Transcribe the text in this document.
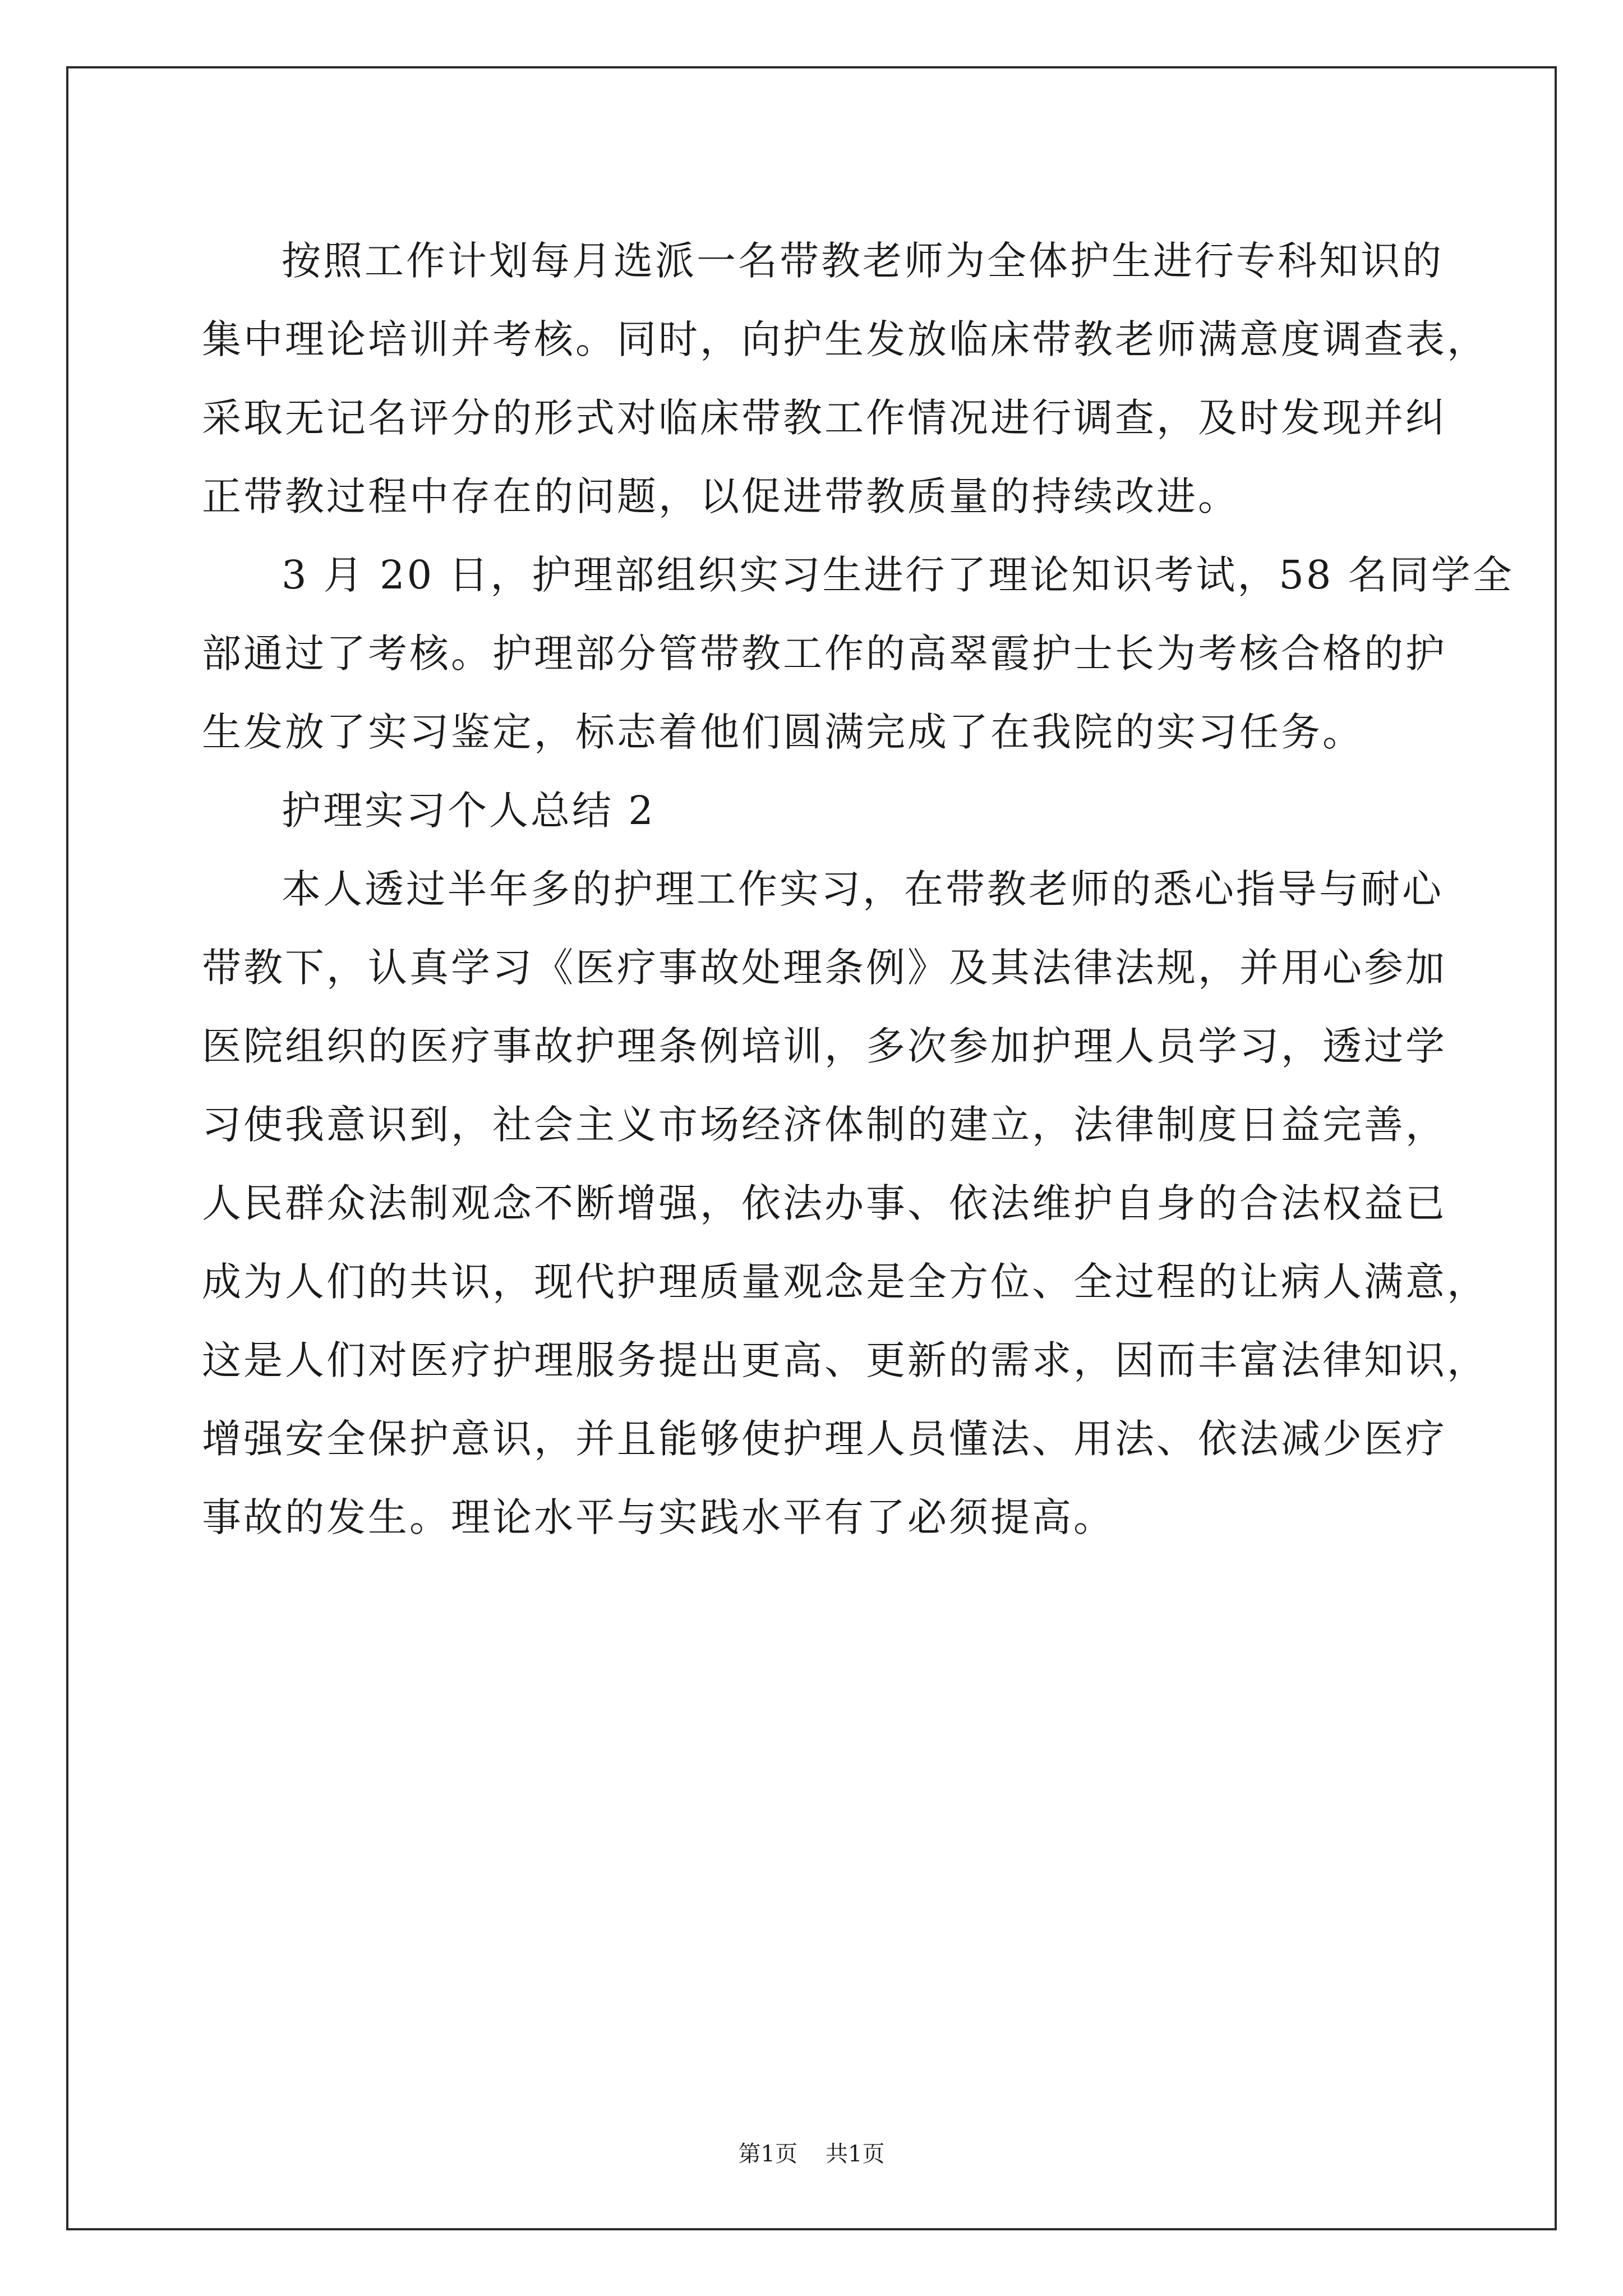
按照工作计划每月选派一名带教老师为全体护生进行专科知识的
集中理论培训并考核。同时，向护生发放临床带教老师满意度调查表，
采取无记名评分的形式对临床带教工作情况进行调查，及时发现并纠
正带教过程中存在的问题，以促进带教质量的持续改进。
3 月 20 日，护理部组织实习生进行了理论知识考试，58 名同学全
部通过了考核。护理部分管带教工作的高翠霞护士长为考核合格的护
生发放了实习鉴定，标志着他们圆满完成了在我院的实习任务。
护理实习个人总结 2
本人透过半年多的护理工作实习，在带教老师的悉心指导与耐心
带教下，认真学习《医疗事故处理条例》及其法律法规，并用心参加
医院组织的医疗事故护理条例培训，多次参加护理人员学习，透过学
习使我意识到，社会主义市场经济体制的建立，法律制度日益完善，
人民群众法制观念不断增强，依法办事、依法维护自身的合法权益已
成为人们的共识，现代护理质量观念是全方位、全过程的让病人满意，
这是人们对医疗护理服务提出更高、更新的需求，因而丰富法律知识，
增强安全保护意识，并且能够使护理人员懂法、用法、依法减少医疗
事故的发生。理论水平与实践水平有了必须提高。
第1页 共1页
